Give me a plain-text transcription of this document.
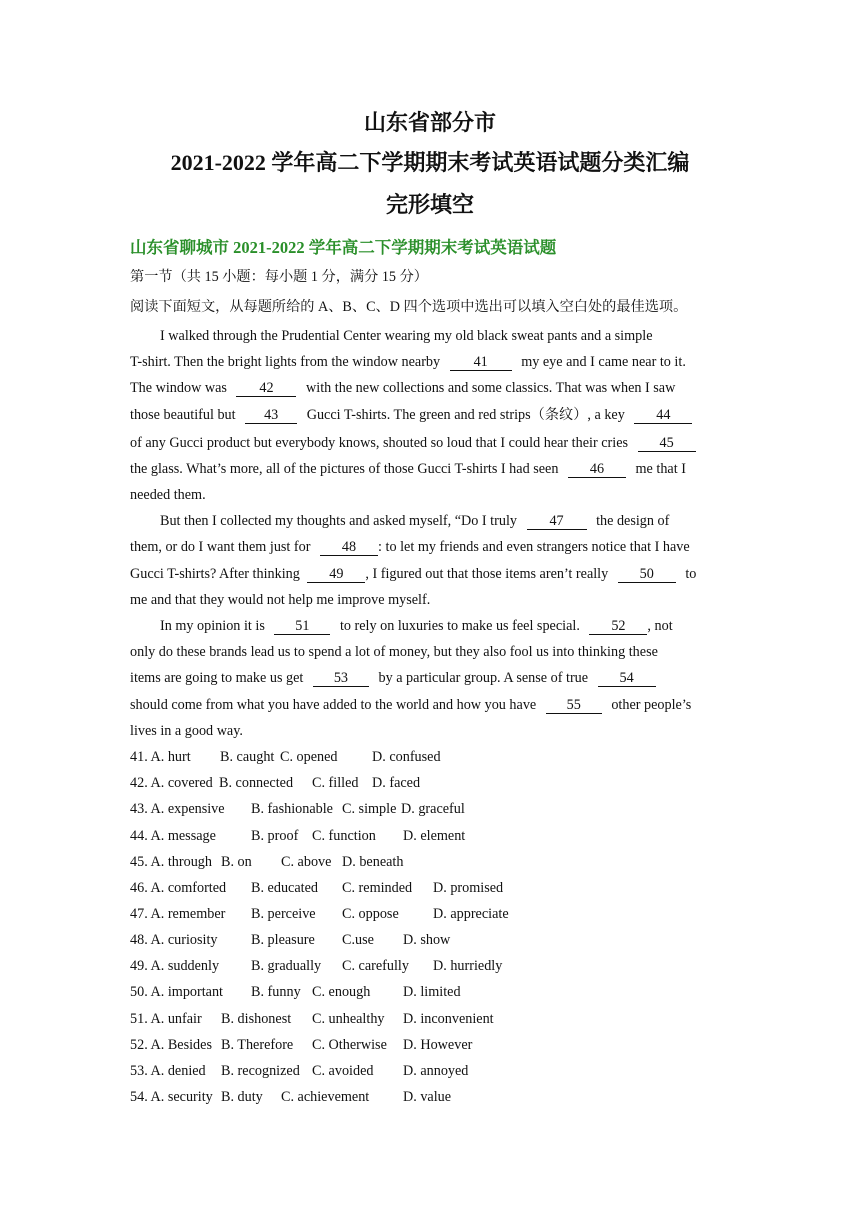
山东省部分市
2021-2022 学年高二下学期期末考试英语试题分类汇编
完形填空
山东省聊城市 2021-2022 学年高二下学期期末考试英语试题
第一节（共 15 小题：每小题 1 分，满分 15 分）
阅读下面短文，从每题所给的 A、B、C、D 四个选项中选出可以填入空白处的最佳选项。
I walked through the Prudential Center wearing my old black sweat pants and a simple
T-shirt. Then the bright lights from the window nearby 41 my eye and I came near to it.
The window was 42 with the new collections and some classics. That was when I saw
those beautiful but 43 Gucci T-shirts. The green and red strips（条纹）, a key 44
of any Gucci product but everybody knows, shouted so loud that I could hear their cries 45
the glass. What’s more, all of the pictures of those Gucci T-shirts I had seen 46 me that I
needed them.
But then I collected my thoughts and asked myself, “Do I truly 47 the design of
them, or do I want them just for 48 : to let my friends and even strangers notice that I have
Gucci T-shirts? After thinking 49 , I figured out that those items aren’t really 50 to
me and that they would not help me improve myself.
In my opinion it is 51 to rely on luxuries to make us feel special. 52 , not
only do these brands lead us to spend a lot of money, but they also fool us into thinking these
items are going to make us get 53 by a particular group. A sense of true 54
should come from what you have added to the world and how you have 55 other people’s
lives in a good way.
41. A. hurt B. caught C. opened D. confused
42. A. covered B. connected C. filled D. faced
43. A. expensive B. fashionable C. simple D. graceful
44. A. message B. proof C. function D. element
45. A. through B. on C. above D. beneath
46. A. comforted B. educated C. reminded D. promised
47. A. remember B. perceive C. oppose D. appreciate
48. A. curiosity B. pleasure C.use D. show
49. A. suddenly B. gradually C. carefully D. hurriedly
50. A. important B. funny C. enough D. limited
51. A. unfair B. dishonest C. unhealthy D. inconvenient
52. A. Besides B. Therefore C. Otherwise D. However
53. A. denied B. recognized C. avoided D. annoyed
54. A. security B. duty C. achievement D. value
